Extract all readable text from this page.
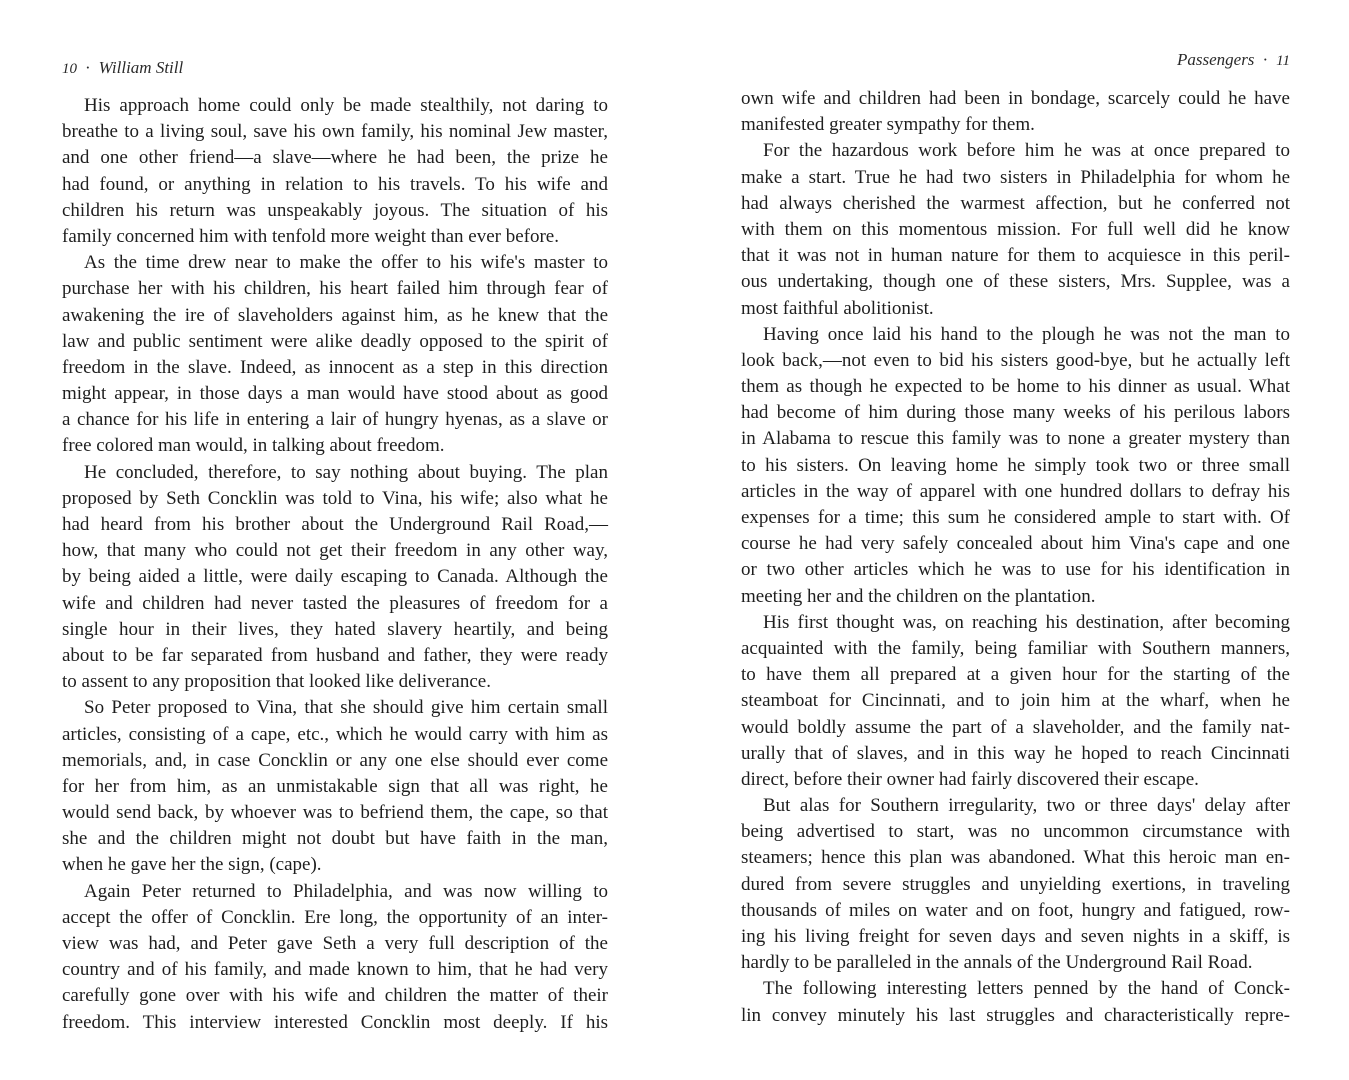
10 · William Still
His approach home could only be made stealthily, not daring to
breathe to a living soul, save his own family, his nominal Jew master,
and one other friend—a slave—where he had been, the prize he
had found, or anything in relation to his travels. To his wife and
children his return was unspeakably joyous. The situation of his
family concerned him with tenfold more weight than ever before.
As the time drew near to make the offer to his wife's master to
purchase her with his children, his heart failed him through fear of
awakening the ire of slaveholders against him, as he knew that the
law and public sentiment were alike deadly opposed to the spirit of
freedom in the slave. Indeed, as innocent as a step in this direction
might appear, in those days a man would have stood about as good
a chance for his life in entering a lair of hungry hyenas, as a slave or
free colored man would, in talking about freedom.
He concluded, therefore, to say nothing about buying. The plan
proposed by Seth Concklin was told to Vina, his wife; also what he
had heard from his brother about the Underground Rail Road,—
how, that many who could not get their freedom in any other way,
by being aided a little, were daily escaping to Canada. Although the
wife and children had never tasted the pleasures of freedom for a
single hour in their lives, they hated slavery heartily, and being
about to be far separated from husband and father, they were ready
to assent to any proposition that looked like deliverance.
So Peter proposed to Vina, that she should give him certain small
articles, consisting of a cape, etc., which he would carry with him as
memorials, and, in case Concklin or any one else should ever come
for her from him, as an unmistakable sign that all was right, he
would send back, by whoever was to befriend them, the cape, so that
she and the children might not doubt but have faith in the man,
when he gave her the sign, (cape).
Again Peter returned to Philadelphia, and was now willing to
accept the offer of Concklin. Ere long, the opportunity of an inter-
view was had, and Peter gave Seth a very full description of the
country and of his family, and made known to him, that he had very
carefully gone over with his wife and children the matter of their
freedom. This interview interested Concklin most deeply. If his
Passengers · 11
own wife and children had been in bondage, scarcely could he have
manifested greater sympathy for them.
For the hazardous work before him he was at once prepared to
make a start. True he had two sisters in Philadelphia for whom he
had always cherished the warmest affection, but he conferred not
with them on this momentous mission. For full well did he know
that it was not in human nature for them to acquiesce in this peril-
ous undertaking, though one of these sisters, Mrs. Supplee, was a
most faithful abolitionist.
Having once laid his hand to the plough he was not the man to
look back,—not even to bid his sisters good-bye, but he actually left
them as though he expected to be home to his dinner as usual. What
had become of him during those many weeks of his perilous labors
in Alabama to rescue this family was to none a greater mystery than
to his sisters. On leaving home he simply took two or three small
articles in the way of apparel with one hundred dollars to defray his
expenses for a time; this sum he considered ample to start with. Of
course he had very safely concealed about him Vina's cape and one
or two other articles which he was to use for his identification in
meeting her and the children on the plantation.
His first thought was, on reaching his destination, after becoming
acquainted with the family, being familiar with Southern manners,
to have them all prepared at a given hour for the starting of the
steamboat for Cincinnati, and to join him at the wharf, when he
would boldly assume the part of a slaveholder, and the family nat-
urally that of slaves, and in this way he hoped to reach Cincinnati
direct, before their owner had fairly discovered their escape.
But alas for Southern irregularity, two or three days' delay after
being advertised to start, was no uncommon circumstance with
steamers; hence this plan was abandoned. What this heroic man en-
dured from severe struggles and unyielding exertions, in traveling
thousands of miles on water and on foot, hungry and fatigued, row-
ing his living freight for seven days and seven nights in a skiff, is
hardly to be paralleled in the annals of the Underground Rail Road.
The following interesting letters penned by the hand of Conck-
lin convey minutely his last struggles and characteristically repre-
